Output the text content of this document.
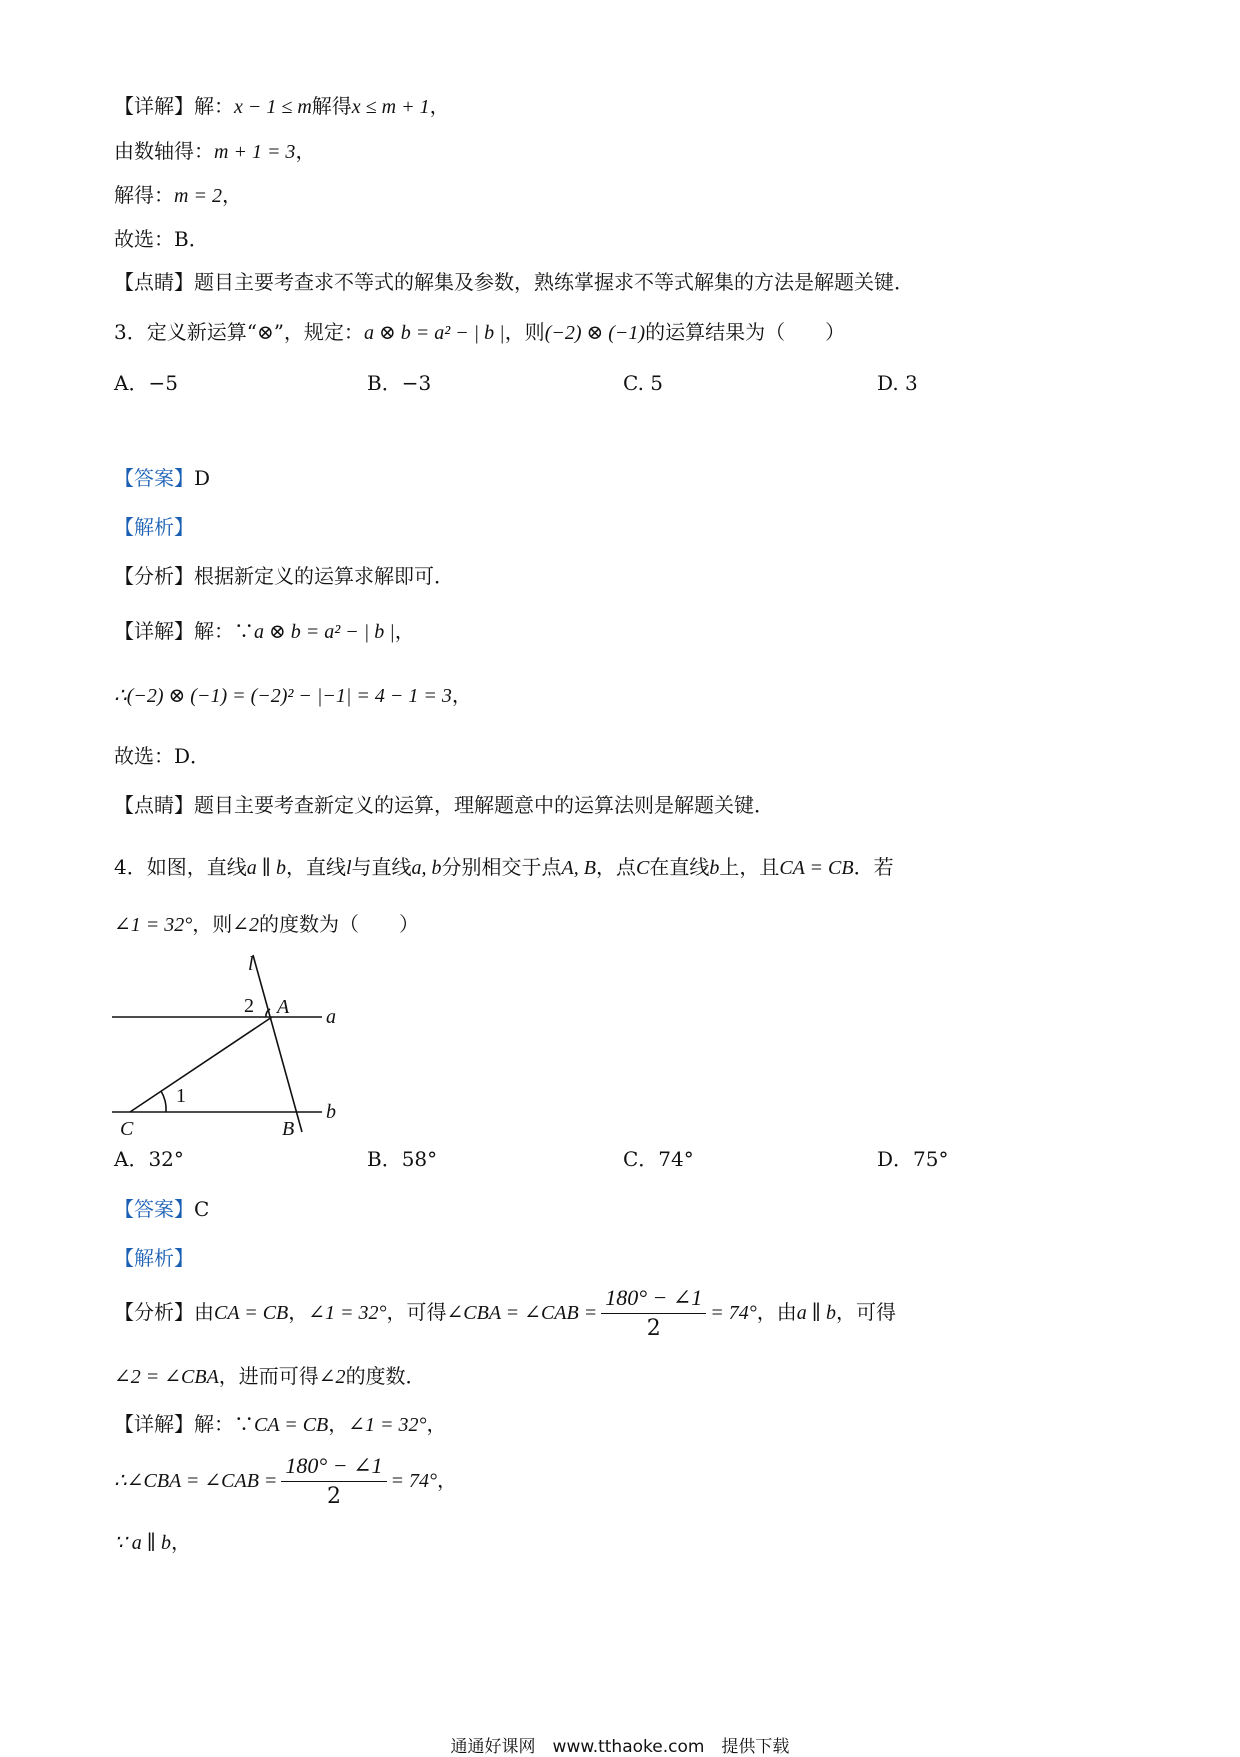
【详解】解：x − 1 ≤ m解得x ≤ m + 1，
由数轴得：m + 1 = 3，
解得：m = 2，
故选：B．
【点睛】题目主要考查求不等式的解集及参数，熟练掌握求不等式解集的方法是解题关键．
3．定义新运算“⊗”，规定：a ⊗ b = a² − | b |，则(−2) ⊗ (−1)的运算结果为（　　）
A．−5	B．−3	C. 5	D. 3
【答案】D
【解析】
【分析】根据新定义的运算求解即可．
【详解】解：∵a ⊗ b = a² − | b |，
∴(−2) ⊗ (−1) = (−2)² − |−1| = 4 − 1 = 3，
故选：D．
【点睛】题目主要考查新定义的运算，理解题意中的运算法则是解题关键．
4．如图，直线a ∥ b，直线l与直线a, b分别相交于点A, B，点C在直线b上，且CA = CB．若
∠1 = 32°，则∠2的度数为（　　）
l
2 A a
1
C	B
b
A．32°	B．58°	C．74°	D．75°
【答案】C
【解析】
【分析】由CA = CB，∠1 = 32°，可得∠CBA = ∠CAB = $\frac{180^\circ - \angle 1}{2} = 74^\circ$，由a ∥ b，可得
∠2 = ∠CBA，进而可得∠2的度数．
【详解】解：∵CA = CB，∠1 = 32°，
∴∠CBA = ∠CAB = $\frac{180^\circ - \angle 1}{2} = 74^\circ$，
∵ a ∥ b，
通通好课网　www.tthaoke.com　提供下载
